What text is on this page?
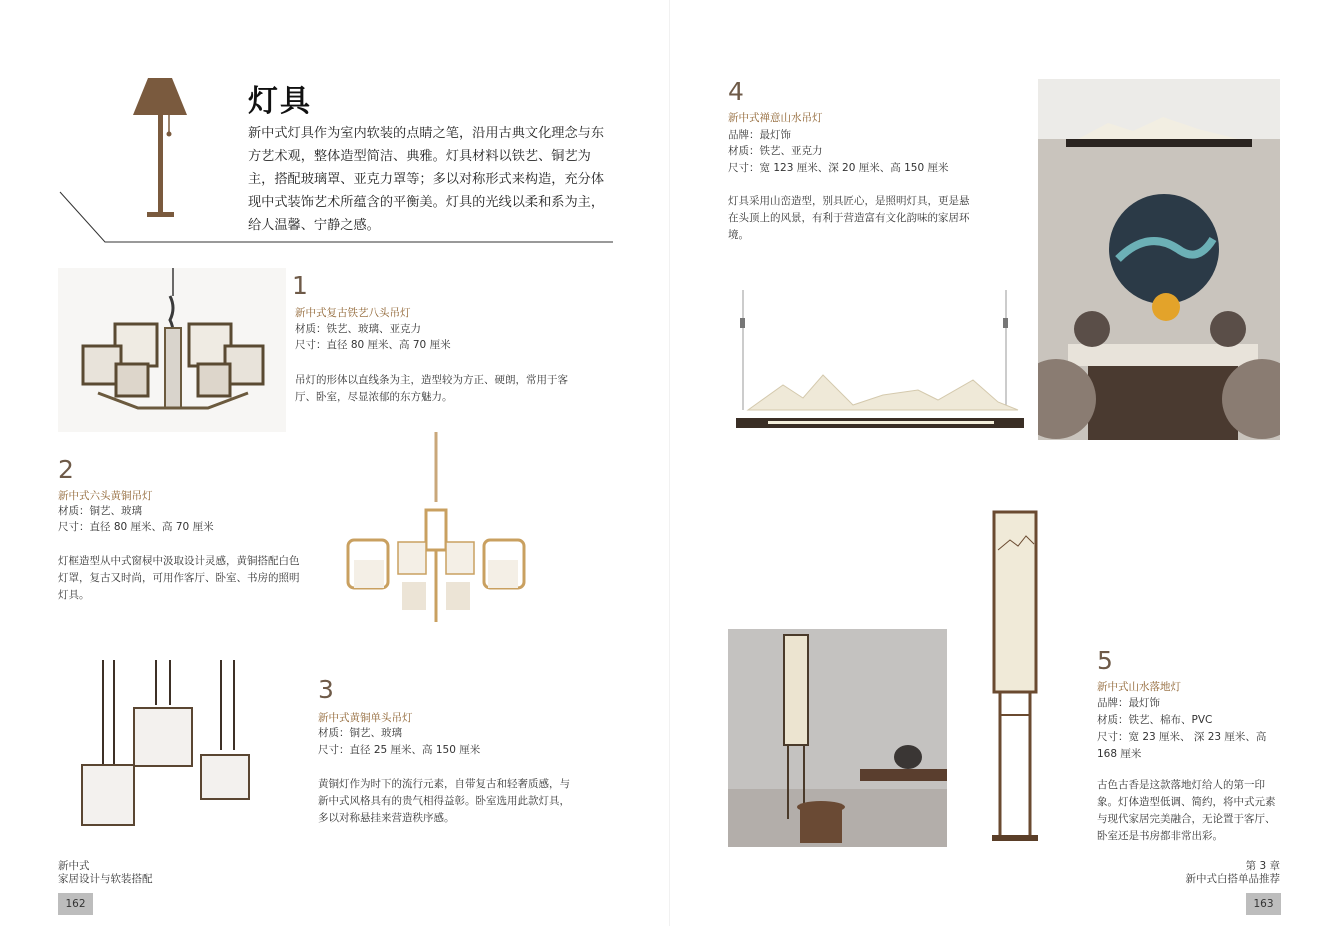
灯具

新中式灯具作为室内软装的点睛之笔，沿用古典文化理念与东方艺术观，整体造型简洁、典雅。灯具材料以铁艺、铜艺为主，搭配玻璃罩、亚克力罩等；多以对称形式来构造，充分体现中式装饰艺术所蕴含的平衡美。灯具的光线以柔和系为主，给人温馨、宁静之感。

1
新中式复古铁艺八头吊灯
材质：铁艺、玻璃、亚克力
尺寸：直径 80 厘米、高 70 厘米

吊灯的形体以直线条为主，造型较为方正、硬朗，常用于客厅、卧室，尽显浓郁的东方魅力。

2
新中式六头黄铜吊灯
材质：铜艺、玻璃
尺寸：直径 80 厘米、高 70 厘米

灯框造型从中式窗棂中汲取设计灵感，黄铜搭配白色灯罩，复古又时尚，可用作客厅、卧室、书房的照明灯具。

3
新中式黄铜单头吊灯
材质：铜艺、玻璃
尺寸：直径 25 厘米、高 150 厘米

黄铜灯作为时下的流行元素，自带复古和轻奢质感，与新中式风格具有的贵气相得益彰。卧室选用此款灯具，多以对称悬挂来营造秩序感。

新中式
家居设计与软装搭配
162
4
新中式禅意山水吊灯
品牌：最灯饰
材质：铁艺、亚克力
尺寸：宽 123 厘米、深 20 厘米、高 150 厘米

灯具采用山峦造型，别具匠心，是照明灯具，更是悬在头顶上的风景，有利于营造富有文化韵味的家居环境。

5
新中式山水落地灯
品牌：最灯饰
材质：铁艺、棉布、PVC
尺寸：宽 23 厘米、 深 23 厘米、高 168 厘米

古色古香是这款落地灯给人的第一印象。灯体造型低调、简约，将中式元素与现代家居完美融合，无论置于客厅、卧室还是书房都非常出彩。

第 3 章
新中式白搭单品推荐
163
